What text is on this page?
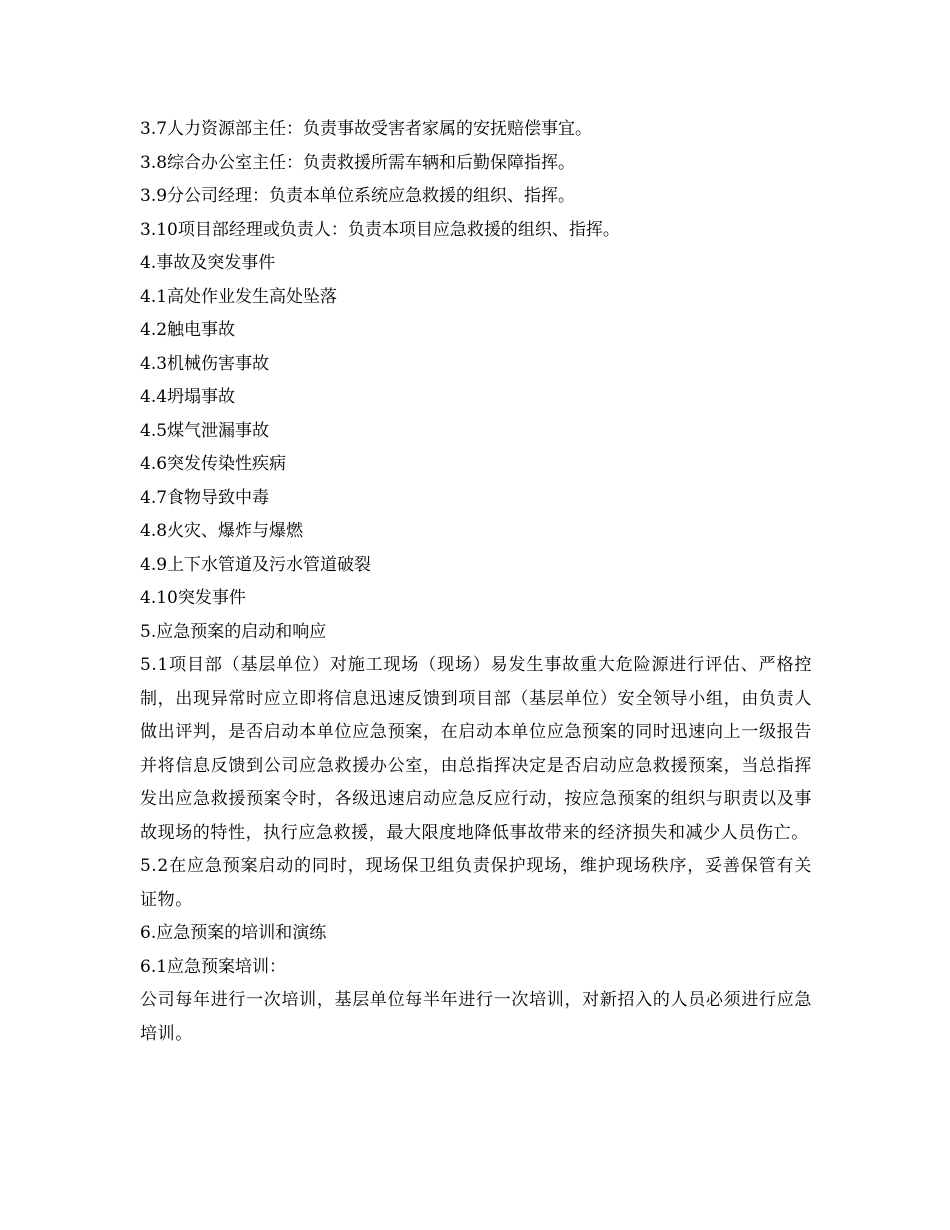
3.7人力资源部主任：负责事故受害者家属的安抚赔偿事宜。

3.8综合办公室主任：负责救援所需车辆和后勤保障指挥。

3.9分公司经理：负责本单位系统应急救援的组织、指挥。

3.10项目部经理或负责人：负责本项目应急救援的组织、指挥。

4.事故及突发事件

4.1高处作业发生高处坠落

4.2触电事故

4.3机械伤害事故

4.4坍塌事故

4.5煤气泄漏事故

4.6突发传染性疾病

4.7食物导致中毒

4.8火灾、爆炸与爆燃

4.9上下水管道及污水管道破裂

4.10突发事件

5.应急预案的启动和响应

5.1项目部（基层单位）对施工现场（现场）易发生事故重大危险源进行评估、严格控制，出现异常时应立即将信息迅速反馈到项目部（基层单位）安全领导小组，由负责人做出评判，是否启动本单位应急预案，在启动本单位应急预案的同时迅速向上一级报告并将信息反馈到公司应急救援办公室，由总指挥决定是否启动应急救援预案，当总指挥发出应急救援预案令时，各级迅速启动应急反应行动，按应急预案的组织与职责以及事故现场的特性，执行应急救援，最大限度地降低事故带来的经济损失和减少人员伤亡。

5.2在应急预案启动的同时，现场保卫组负责保护现场，维护现场秩序，妥善保管有关证物。

6.应急预案的培训和演练

6.1应急预案培训：

公司每年进行一次培训，基层单位每半年进行一次培训，对新招入的人员必须进行应急培训。
